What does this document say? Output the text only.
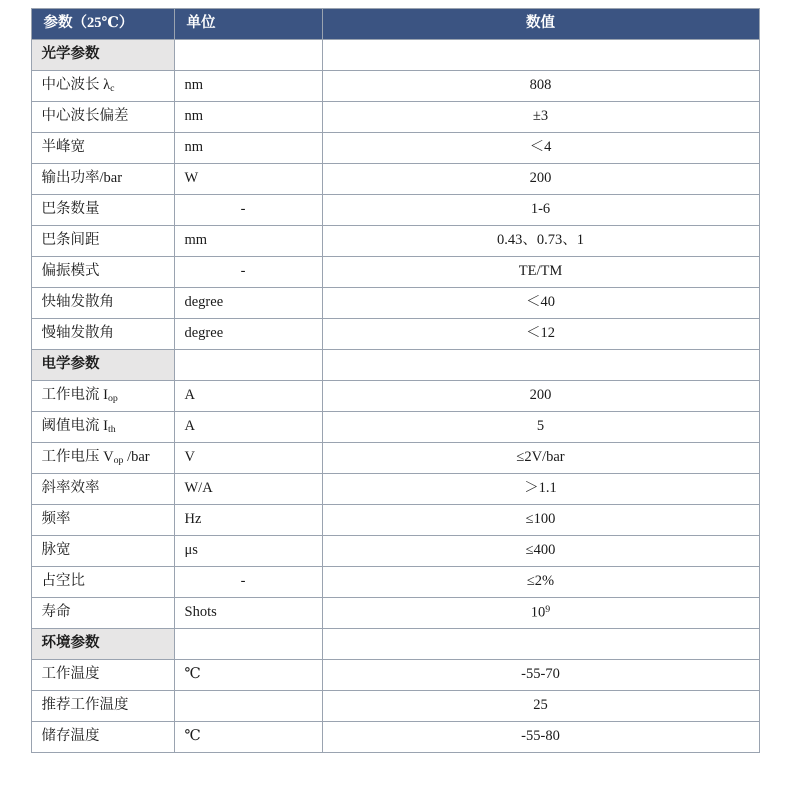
参数（25℃）	单位	数值
光学参数		
中心波长 $\lambda_c$	nm	808
中心波长偏差	nm	±3
半峰宽	nm	＜4
输出功率/bar	W	200
巴条数量	-	1-6
巴条间距	mm	0.43、0.73、1
偏振模式	-	TE/TM
快轴发散角	degree	＜40
慢轴发散角	degree	＜12
电学参数		
工作电流 $I_{op}$	A	200
阈值电流 $I_{th}$	A	5
工作电压 $V_{op}$ /bar	V	≤2V/bar
斜率效率	W/A	＞1.1
频率	Hz	≤100
脉宽	μs	≤400
占空比	-	≤2%
寿命	Shots	$10^9$
环境参数		
工作温度	℃	-55-70
推荐工作温度		25
储存温度	℃	-55-80
